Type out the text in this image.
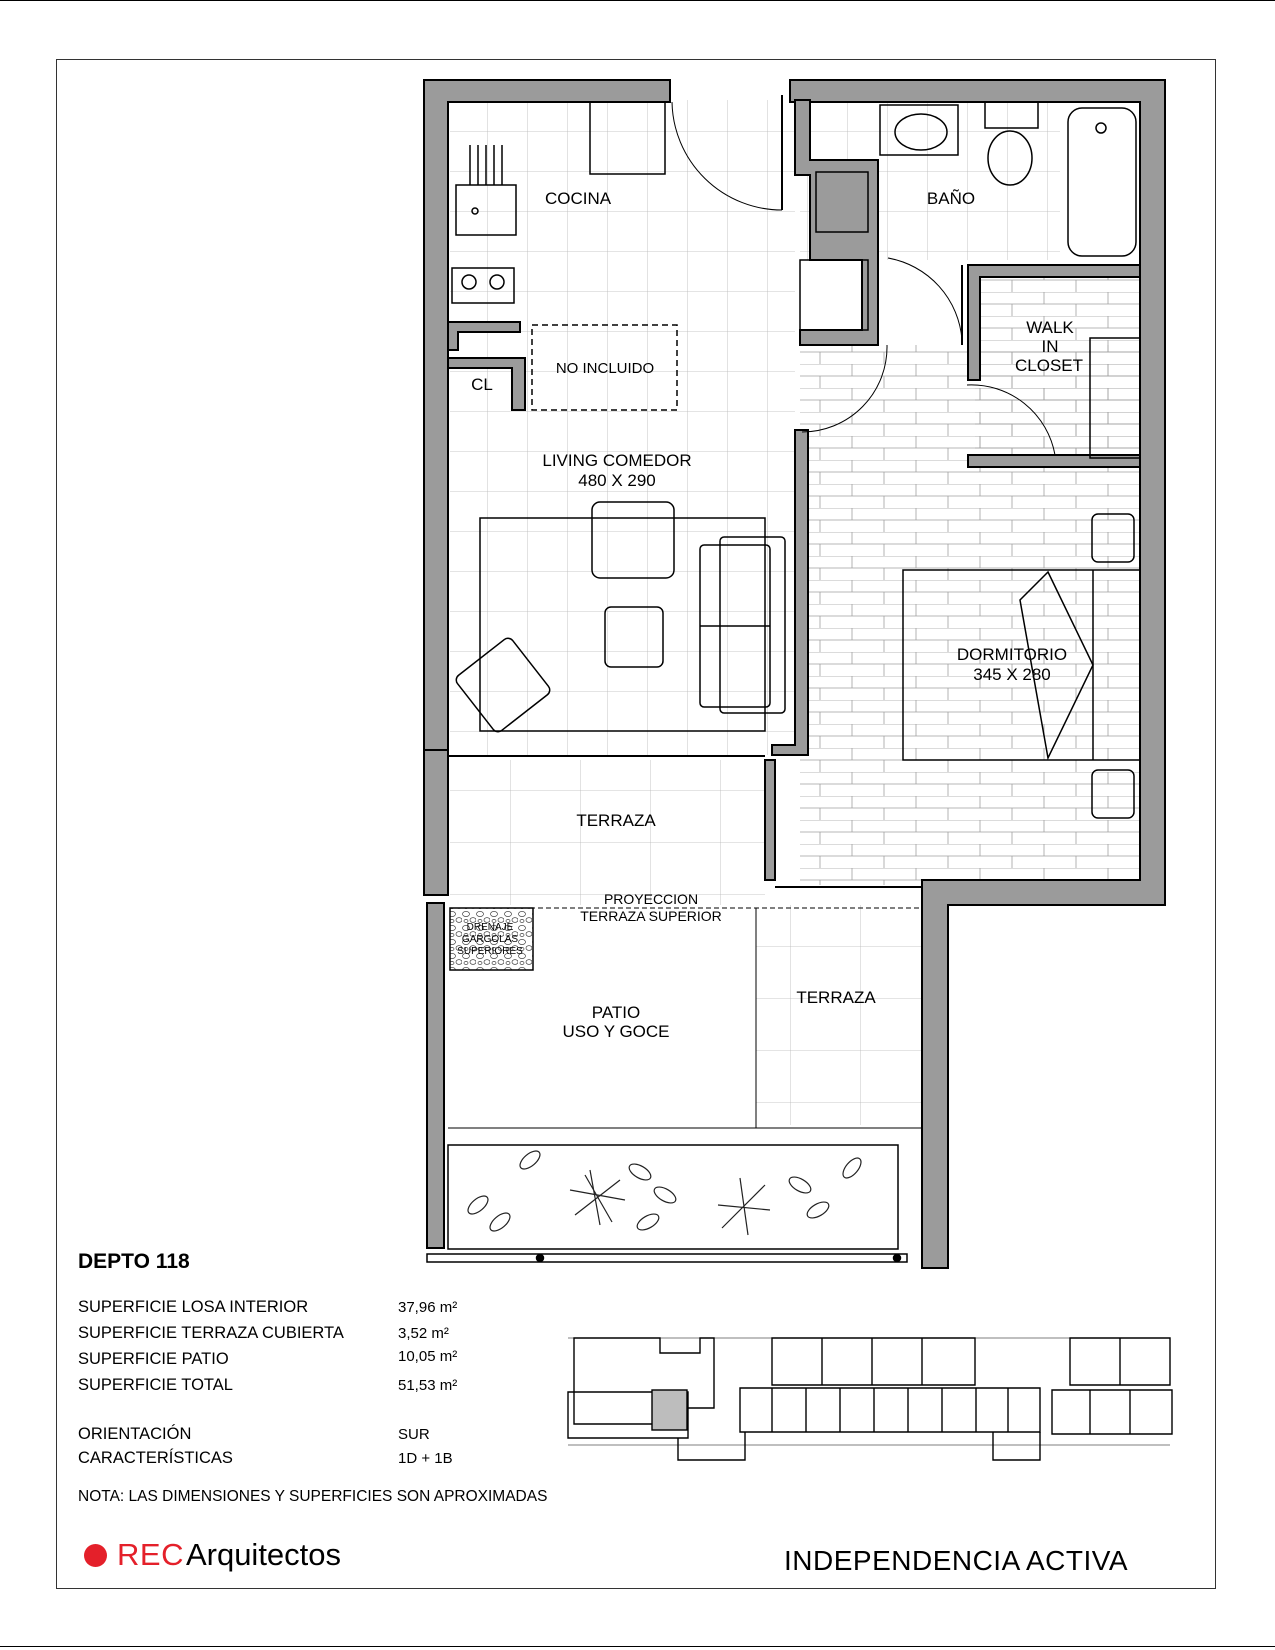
COCINA	BAÑO
WALK
IN
CLOSET
NO INCLUIDO
CL
LIVING COMEDOR
480 X 290
DORMITORIO
345 X 280
TERRAZA
PROYECCION
TERRAZA SUPERIOR
DRENAJE
GARGOLAS
SUPERIORES
PATIO
USO Y GOCE
TERRAZA
DEPTO 118
SUPERFICIE LOSA INTERIOR	37,96 m²
SUPERFICIE TERRAZA CUBIERTA	3,52 m²
SUPERFICIE PATIO	10,05 m²
SUPERFICIE TOTAL	51,53 m²
ORIENTACIÓN	SUR
CARACTERÍSTICAS	1D + 1B
NOTA: LAS DIMENSIONES Y SUPERFICIES SON APROXIMADAS
REC Arquitectos	INDEPENDENCIA ACTIVA
